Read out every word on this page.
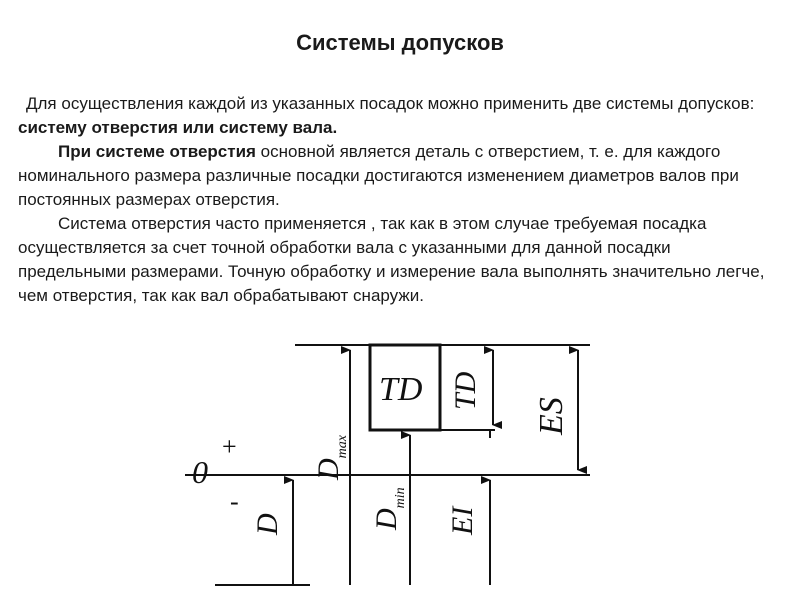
Системы допусков

Для осуществления каждой из указанных посадок можно применить две системы допусков: систему отверстия или систему вала.

При системе отверстия основной является деталь с отверстием, т. е. для каждого номинального размера различные посадки достигаются изменением диаметров валов при постоянных размерах отверстия.

Система отверстия часто применяется , так как в этом случае требуемая посадка осуществляется за счет точной обработки вала с указанными для данной посадки предельными размерами. Точную обработку и измерение вала выполнять значительно легче, чем отверстия, так как вал обрабатывают снаружи.

0
+
-
D
$D_{max}$
$D_{min}$
TD TD
EI
ES
